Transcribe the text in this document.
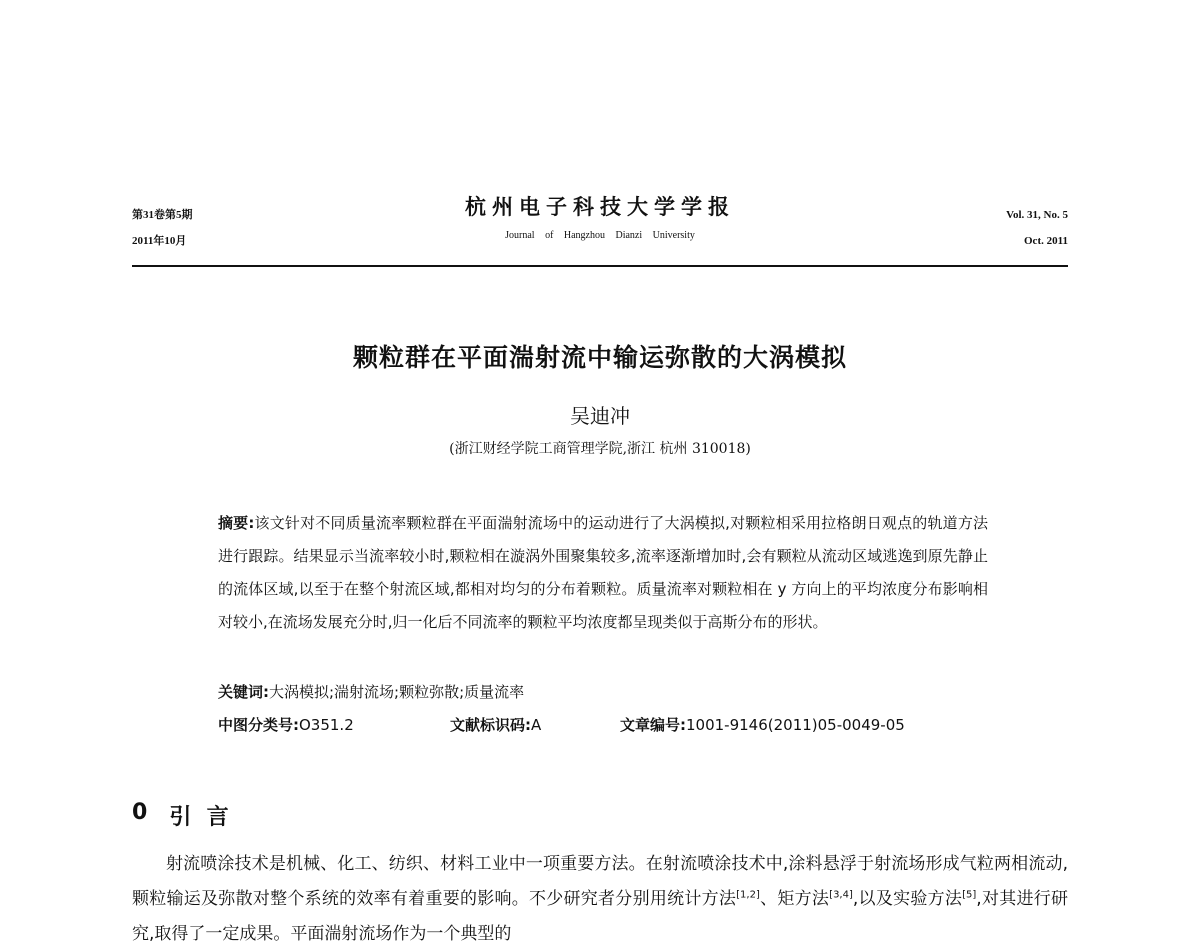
第31卷第5期
2011年10月
杭州电子科技大学学报
Journal of Hangzhou Dianzi University
Vol. 31, No. 5
Oct. 2011
颗粒群在平面湍射流中输运弥散的大涡模拟
吴迪冲
(浙江财经学院工商管理学院,浙江 杭州 310018)
摘要:该文针对不同质量流率颗粒群在平面湍射流场中的运动进行了大涡模拟,对颗粒相采用拉格朗日观点的轨道方法进行跟踪。结果显示当流率较小时,颗粒相在漩涡外围聚集较多,流率逐渐增加时,会有颗粒从流动区域逃逸到原先静止的流体区域,以至于在整个射流区域,都相对均匀的分布着颗粒。质量流率对颗粒相在 y 方向上的平均浓度分布影响相对较小,在流场发展充分时,归一化后不同流率的颗粒平均浓度都呈现类似于高斯分布的形状。
关键词:大涡模拟;湍射流场;颗粒弥散;质量流率
中图分类号:O351.2	文献标识码:A	文章编号:1001-9146(2011)05-0049-05
0 引  言

射流喷涂技术是机械、化工、纺织、材料工业中一项重要方法。在射流喷涂技术中,涂料悬浮于射流场形成气粒两相流动,颗粒输运及弥散对整个系统的效率有着重要的影响。不少研究者分别用统计方法[1,2]、矩方法[3,4],以及实验方法[5],对其进行研究,取得了一定成果。平面湍射流场作为一个典型的
